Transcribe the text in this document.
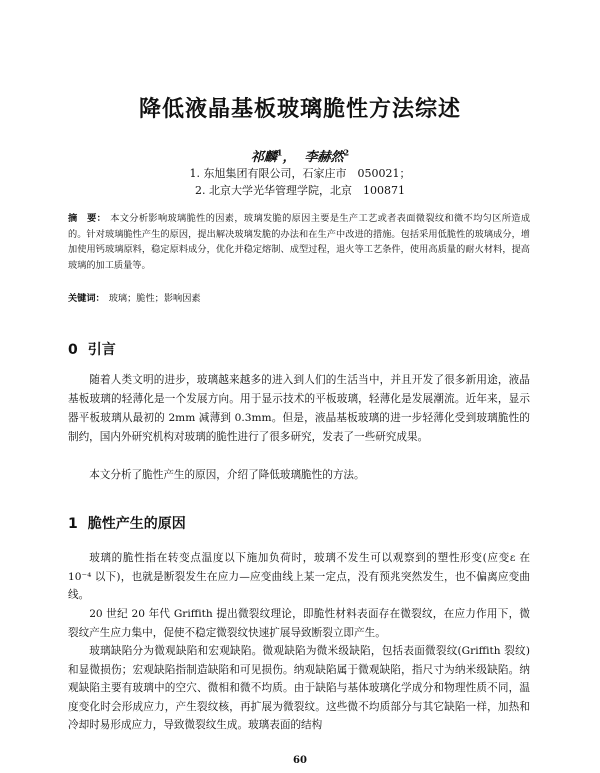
降低液晶基板玻璃脆性方法综述
祁麟$^1$， 李赫然$^2$
1. 东旭集团有限公司，石家庄市　050021；
2. 北京大学光华管理学院，北京　100871
摘　要： 本文分析影响玻璃脆性的因素，玻璃发脆的原因主要是生产工艺或者表面微裂纹和微不均匀区所造成的。针对玻璃脆性产生的原因，提出解决玻璃发脆的办法和在生产中改进的措施。包括采用低脆性的玻璃成分，增加使用钙玻璃原料，稳定原料成分，优化并稳定熔制、成型过程，退火等工艺条件，使用高质量的耐火材料，提高玻璃的加工质量等。
关键词： 玻璃；脆性；影响因素
0 引言
随着人类文明的进步，玻璃越来越多的进入到人们的生活当中，并且开发了很多新用途，液晶基板玻璃的轻薄化是一个发展方向。用于显示技术的平板玻璃，轻薄化是发展潮流。近年来，显示器平板玻璃从最初的 2mm 减薄到 0.3mm。但是，液晶基板玻璃的进一步轻薄化受到玻璃脆性的制约，国内外研究机构对玻璃的脆性进行了很多研究，发表了一些研究成果。
本文分析了脆性产生的原因，介绍了降低玻璃脆性的方法。
1 脆性产生的原因
玻璃的脆性指在转变点温度以下施加负荷时，玻璃不发生可以观察到的塑性形变(应变ε 在 10⁻⁴ 以下)，也就是断裂发生在应力—应变曲线上某一定点，没有预兆突然发生，也不偏离应变曲线。
20 世纪 20 年代 Griffith 提出微裂纹理论，即脆性材料表面存在微裂纹，在应力作用下，微裂纹产生应力集中，促使不稳定微裂纹快速扩展导致断裂立即产生。
玻璃缺陷分为微观缺陷和宏观缺陷。微观缺陷为微米级缺陷，包括表面微裂纹(Griffith 裂纹)和显微损伤；宏观缺陷指制造缺陷和可见损伤。纳观缺陷属于微观缺陷，指尺寸为纳米级缺陷。纳观缺陷主要有玻璃中的空穴、微相和微不均质。由于缺陷与基体玻璃化学成分和物理性质不同，温度变化时会形成应力，产生裂纹核，再扩展为微裂纹。这些微不均质部分与其它缺陷一样，加热和冷却时易形成应力，导致微裂纹生成。玻璃表面的结构
60
